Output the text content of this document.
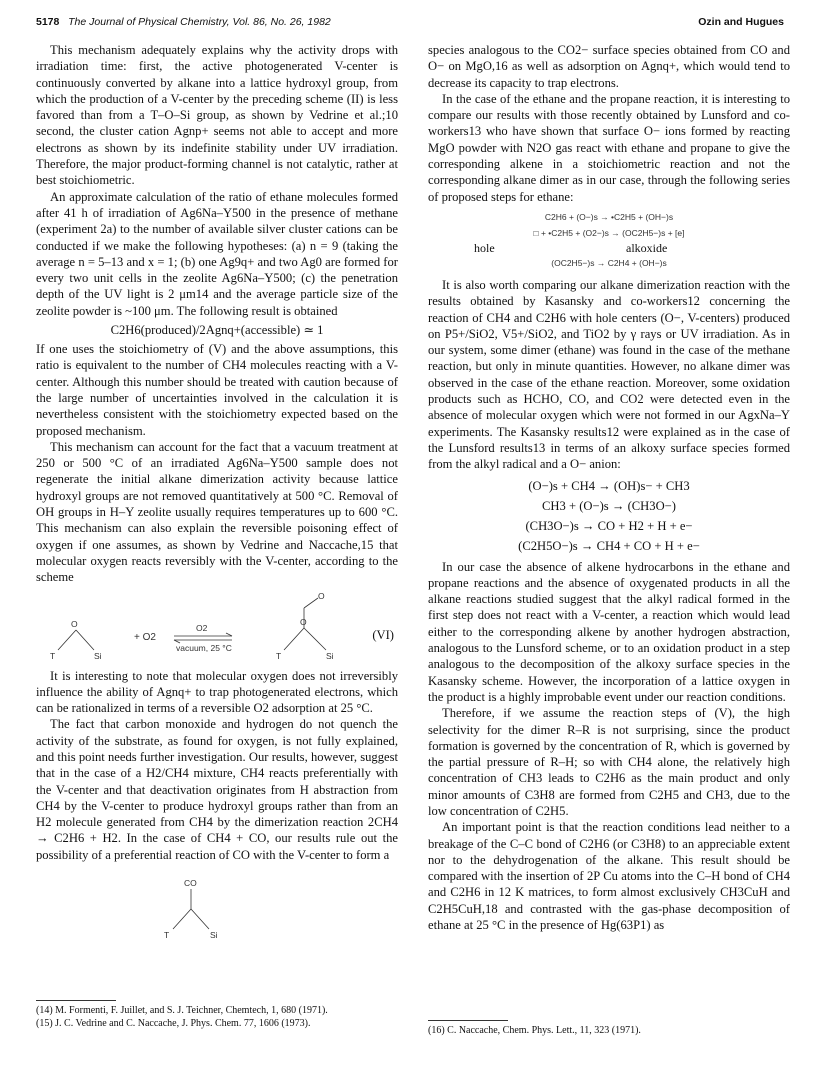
5178 The Journal of Physical Chemistry, Vol. 86, No. 26, 1982	Ozin and Hugues

This mechanism adequately explains why the activity drops with irradiation time: first, the active photogenerated V-center is continuously converted by alkane into a lattice hydroxyl group, from which the production of a V-center by the preceding scheme (II) is less favored than from a T–O–Si group, as shown by Vedrine et al.;10 second, the cluster cation Agnp+ seems not able to accept and more electrons as shown by its indefinite stability under UV irradiation. Therefore, the major product-forming channel is not catalytic, rather at best stoichiometric.

An approximate calculation of the ratio of ethane molecules formed after 41 h of irradiation of Ag6Na–Y500 in the presence of methane (experiment 2a) to the number of available silver cluster cations can be conducted if we make the following hypotheses: (a) n = 9 (taking the average n = 5–13 and x = 1; (b) one Ag9q+ and two Ag0 are formed for every two unit cells in the zeolite Ag6Na–Y500; (c) the penetration depth of the UV light is 2 μm14 and the average particle size of the zeolite powder is ~100 μm. The following result is obtained

C2H6(produced)/2Agnq+(accessible) ≃ 1

If one uses the stoichiometry of (V) and the above assumptions, this ratio is equivalent to the number of CH4 molecules reacting with a V-center. Although this number should be treated with caution because of the large number of uncertainties involved in the calculation it is nevertheless consistent with the stoichiometry expected based on the proposed mechanism.

This mechanism can account for the fact that a vacuum treatment at 250 or 500 °C of an irradiated Ag6Na–Y500 sample does not regenerate the initial alkane dimerization activity because lattice hydroxyl groups are not removed quantitatively at 500 °C. Removal of OH groups in H–Y zeolite usually requires temperatures up to 600 °C. This mechanism can also explain the reversible poisoning effect of oxygen if one assumes, as shown by Vedrine and Naccache,15 that molecular oxygen reacts reversibly with the V-center, according to the scheme

O
T	Si
+ O2
O2
vacuum, 25 °C
O
O
T	Si
(VI)

It is interesting to note that molecular oxygen does not irreversibly influence the ability of Agnq+ to trap photogenerated electrons, which can be rationalized in terms of a reversible O2 adsorption at 25 °C.

The fact that carbon monoxide and hydrogen do not quench the activity of the substrate, as found for oxygen, is not fully explained, and this point needs further investigation. Our results, however, suggest that in the case of a H2/CH4 mixture, CH4 reacts preferentially with the V-center and that deactivation originates from H abstraction from CH4 by the V-center to produce hydroxyl groups rather than from an H2 molecule generated from CH4 by the dimerization reaction 2CH4 → C2H6 + H2. In the case of CH4 + CO, our results rule out the possibility of a preferential reaction of CO with the V-center to form a

CO
T	Si
(14) M. Formenti, F. Juillet, and S. J. Teichner, Chemtech, 1, 680 (1971).
(15) J. C. Vedrine and C. Naccache, J. Phys. Chem. 77, 1606 (1973).

species analogous to the CO2− surface species obtained from CO and O− on MgO,16 as well as adsorption on Agnq+, which would tend to decrease its capacity to trap electrons.

In the case of the ethane and the propane reaction, it is interesting to compare our results with those recently obtained by Lunsford and co-workers13 who have shown that surface O− ions formed by reacting MgO powder with N2O gas react with ethane and propane to give the corresponding alkene in a stoichiometric reaction and not the corresponding alkane dimer as in our case, through the following series of proposed steps for ethane:

C2H6 + (O−)s → •C2H5 + (OH−)s
□ + •C2H5 + (O2−)s → (OC2H5−)s + [e]
hole	alkoxide
(OC2H5−)s → C2H4 + (OH−)s

It is also worth comparing our alkane dimerization reaction with the results obtained by Kasansky and co-workers12 concerning the reaction of CH4 and C2H6 with hole centers (O−, V-centers) produced on P5+/SiO2, V5+/SiO2, and TiO2 by γ rays or UV irradiation. As in our system, some dimer (ethane) was found in the case of the methane reaction, but only in minute quantities. However, no alkane dimer was observed in the case of the ethane reaction. Moreover, some oxidation products such as HCHO, CO, and CO2 were detected even in the absence of molecular oxygen which were not formed in our AgxNa–Y experiments. The Kasansky results12 were explained as in the case of the Lunsford results13 in terms of an alkoxy surface species formed from the alkyl radical and a O− anion:

(O−)s + CH4 → (OH)s− + CH3
CH3 + (O−)s → (CH3O−)
(CH3O−)s → CO + H2 + H + e−
(C2H5O−)s → CH4 + CO + H + e−

In our case the absence of alkene hydrocarbons in the ethane and propane reactions and the absence of oxygenated products in all the alkane reactions studied suggest that the alkyl radical formed in the first step does not react with a V-center, a reaction which would lead either to the corresponding alkene by another hydrogen abstraction, analogous to the Lunsford scheme, or to an oxidation product in a step analogous to the decomposition of the alkoxy surface species in the Kasansky scheme. However, the incorporation of a lattice oxygen in the product is a highly improbable event under our reaction conditions.

Therefore, if we assume the reaction steps of (V), the high selectivity for the dimer R–R is not surprising, since the product formation is governed by the concentration of R, which is governed by the partial pressure of R–H; so with CH4 alone, the relatively high concentration of CH3 leads to C2H6 as the main product and only minor amounts of C3H8 are formed from C2H5 and CH3, due to the low concentration of C2H5.

An important point is that the reaction conditions lead neither to a breakage of the C–C bond of C2H6 (or C3H8) to an appreciable extent nor to the dehydrogenation of the alkane. This result should be compared with the insertion of 2P Cu atoms into the C–H bond of CH4 and C2H6 in 12 K matrices, to form almost exclusively CH3CuH and C2H5CuH,18 and contrasted with the gas-phase decomposition of ethane at 25 °C in the presence of Hg(63P1) as

(16) C. Naccache, Chem. Phys. Lett., 11, 323 (1971).
